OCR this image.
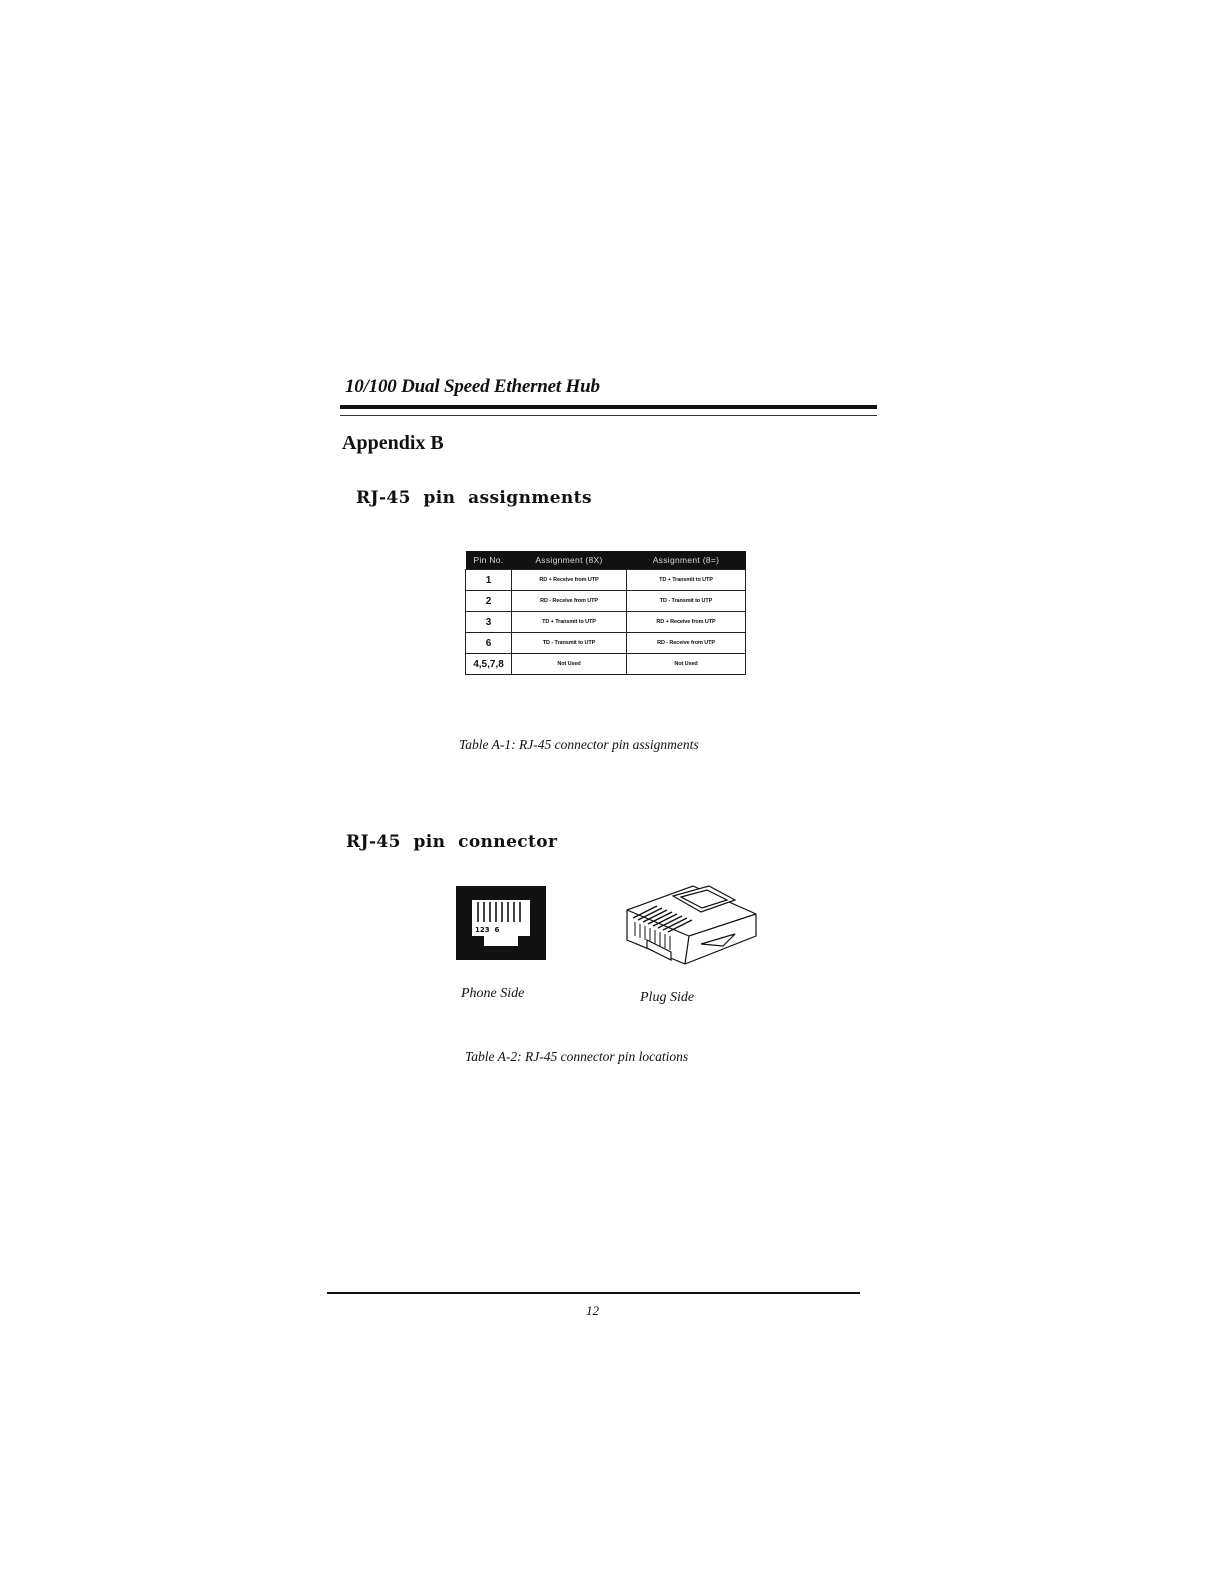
10/100 Dual Speed Ethernet Hub
Appendix B
RJ-45  pin  assignments
Pin No.	Assignment (8X)	Assignment (8=)
1	RD + Receive from UTP	TD + Transmit to UTP
2	RD - Receive from UTP	TD - Transmit to UTP
3	TD + Transmit to UTP	RD + Receive from UTP
6	TD - Transmit to UTP	RD - Receive from UTP
4,5,7,8	Not Used	Not Used
Table A-1: RJ-45 connector pin assignments
RJ-45  pin  connector
123  6
Phone Side	Plug Side
Table A-2: RJ-45 connector pin locations
12
